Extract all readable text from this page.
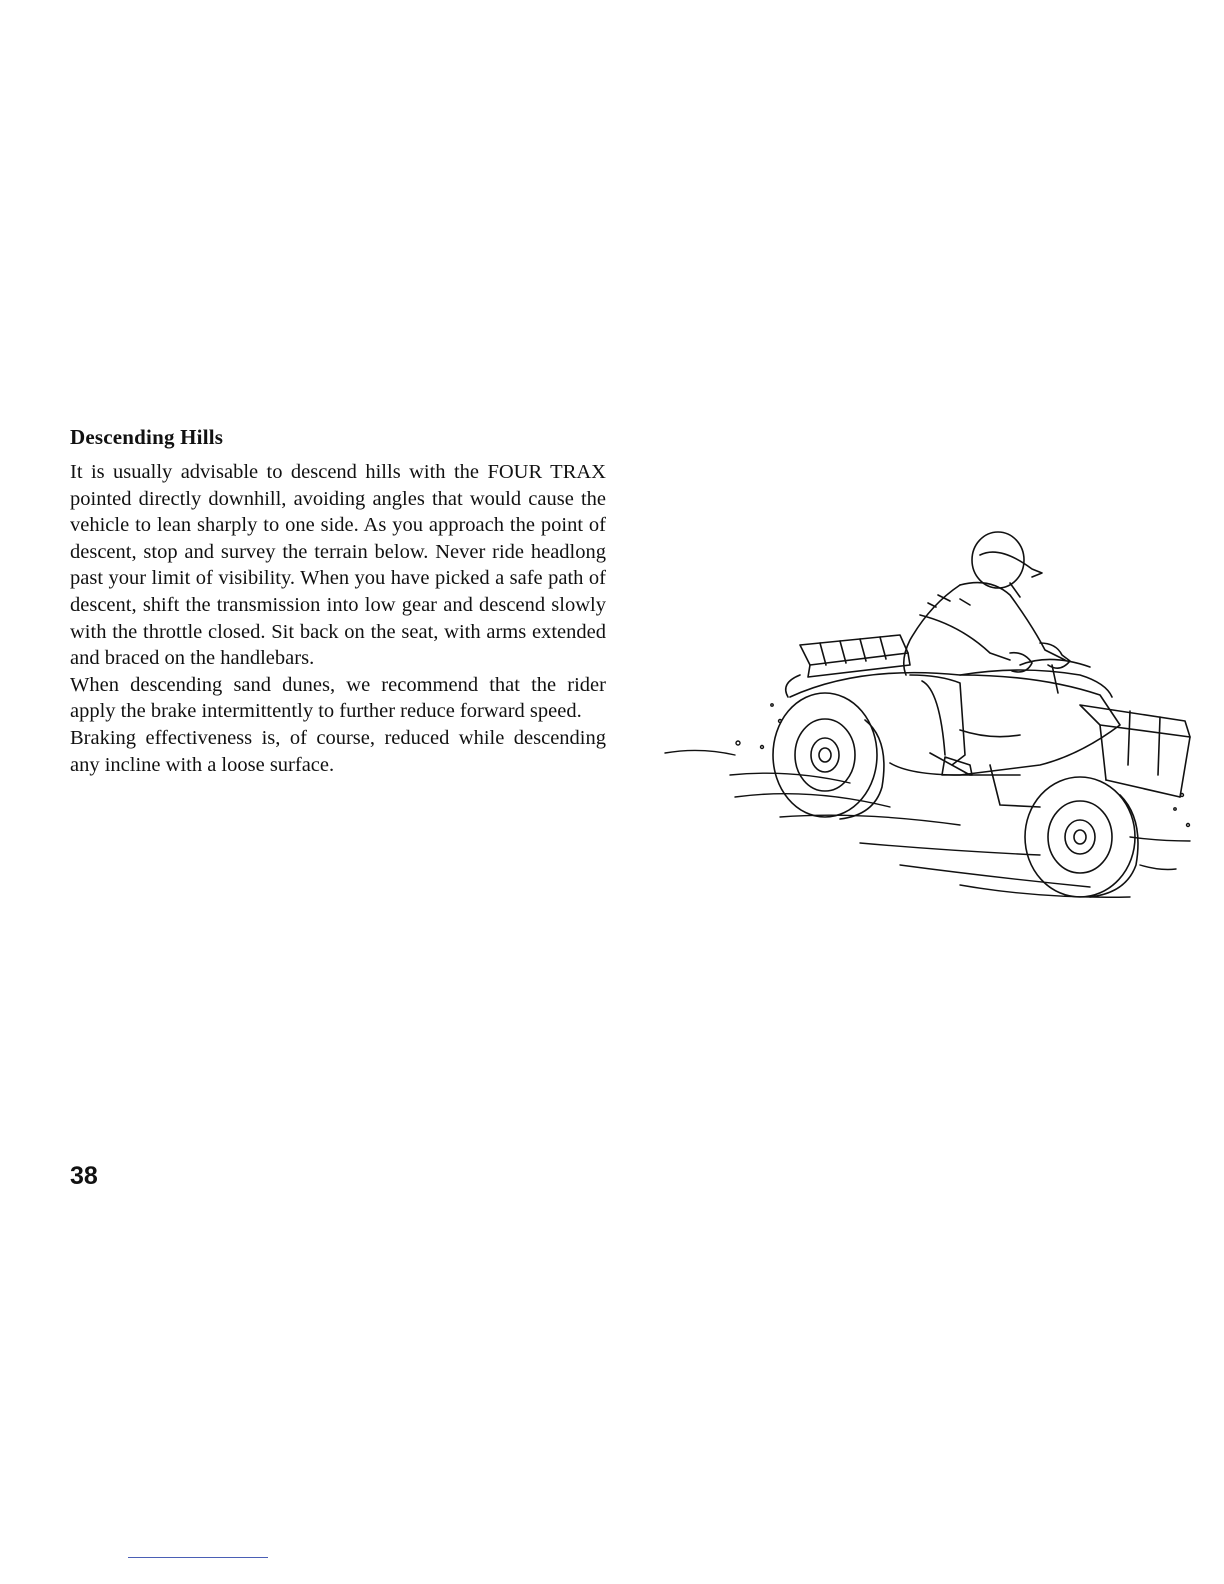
Descending Hills

It is usually advisable to descend hills with the FOUR TRAX pointed directly downhill, avoiding angles that would cause the vehicle to lean sharply to one side. As you approach the point of descent, stop and survey the terrain below. Never ride headlong past your limit of visibility. When you have picked a safe path of descent, shift the transmission into low gear and descend slowly with the throttle closed. Sit back on the seat, with arms extended and braced on the handlebars.

When descending sand dunes, we recommend that the rider apply the brake intermittently to further reduce forward speed.

Braking effectiveness is, of course, reduced while descending any incline with a loose surface.

38
